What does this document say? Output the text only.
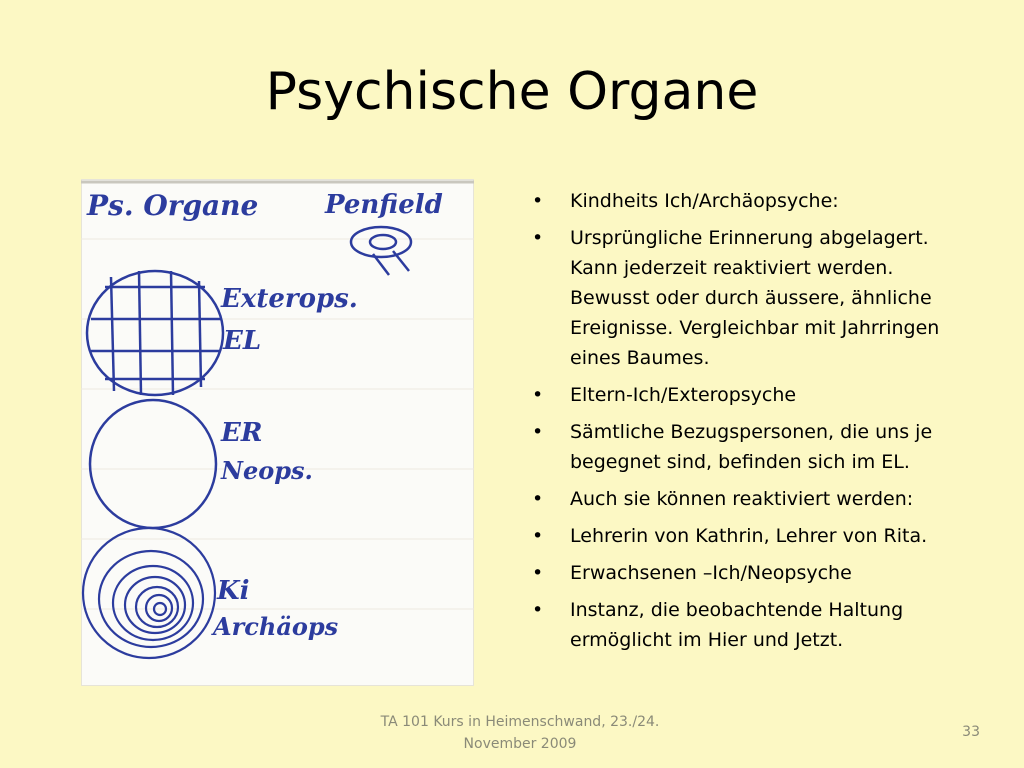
Psychische Organe
Ps. Organe	Penfield
Exterops.
EL
ER
Neops.
Ki
Archäops
• Kindheits Ich/Archäopsyche:
• Ursprüngliche Erinnerung abgelagert. Kann jederzeit reaktiviert werden. Bewusst oder durch äussere, ähnliche Ereignisse. Vergleichbar mit Jahrringen eines Baumes.
• Eltern-Ich/Exteropsyche
• Sämtliche Bezugspersonen, die uns je begegnet sind, befinden sich im EL.
• Auch sie können reaktiviert werden:
• Lehrerin von Kathrin, Lehrer von Rita.
• Erwachsenen –Ich/Neopsyche
• Instanz, die beobachtende Haltung ermöglicht im Hier und Jetzt.
TA 101 Kurs in Heimenschwand, 23./24. November 2009
33
